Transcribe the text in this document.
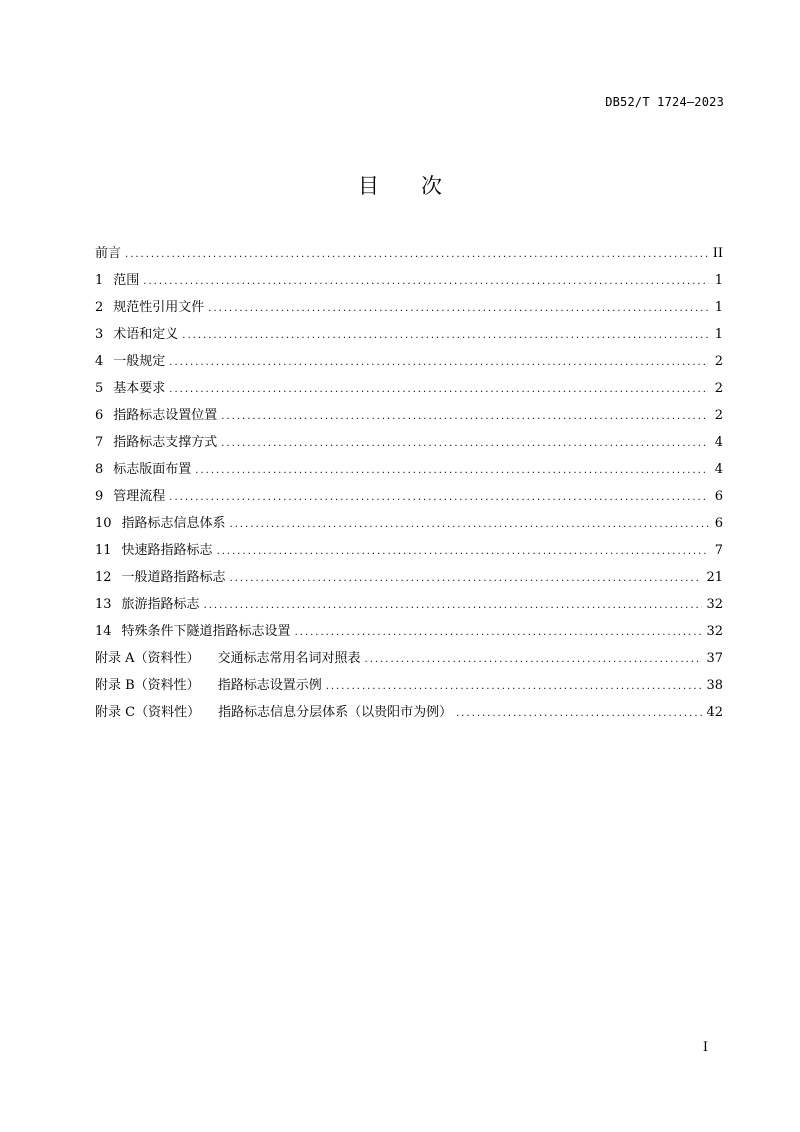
DB52/T 1724—2023
目次
前言 .....	II
1 范围 .....	1
2 规范性引用文件 .....	1
3 术语和定义 .....	1
4 一般规定 .....	2
5 基本要求 .....	2
6 指路标志设置位置 .....	2
7 指路标志支撑方式 .....	4
8 标志版面布置 .....	4
9 管理流程 .....	6
10 指路标志信息体系 .....	6
11 快速路指路标志 .....	7
12 一般道路指路标志 .....	21
13 旅游指路标志 .....	32
14 特殊条件下隧道指路标志设置 .....	32
附录 A（资料性） 交通标志常用名词对照表 .....	37
附录 B（资料性） 指路标志设置示例 .....	38
附录 C（资料性） 指路标志信息分层体系（以贵阳市为例） .....	42
I
